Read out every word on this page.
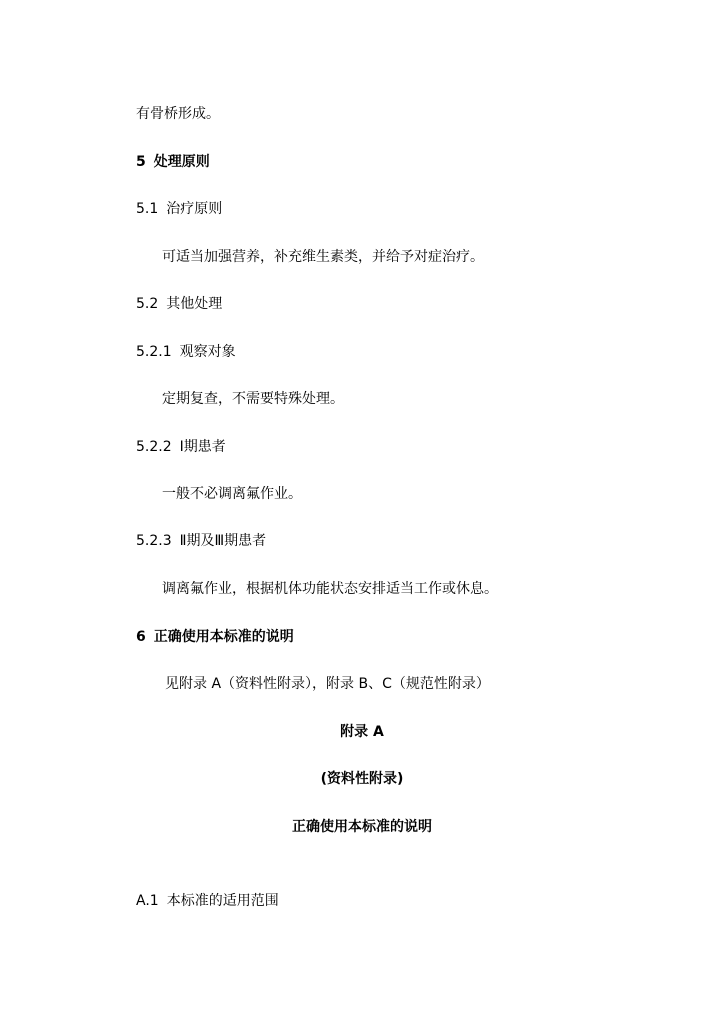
有骨桥形成。
5 处理原则
5.1 治疗原则
可适当加强营养，补充维生素类，并给予对症治疗。
5.2 其他处理
5.2.1 观察对象
定期复查，不需要特殊处理。
5.2.2 Ⅰ期患者
一般不必调离氟作业。
5.2.3 Ⅱ期及Ⅲ期患者
调离氟作业，根据机体功能状态安排适当工作或休息。
6 正确使用本标准的说明
见附录 A（资料性附录），附录 B、C（规范性附录）
附录 A
(资料性附录)
正确使用本标准的说明
A.1 本标准的适用范围
